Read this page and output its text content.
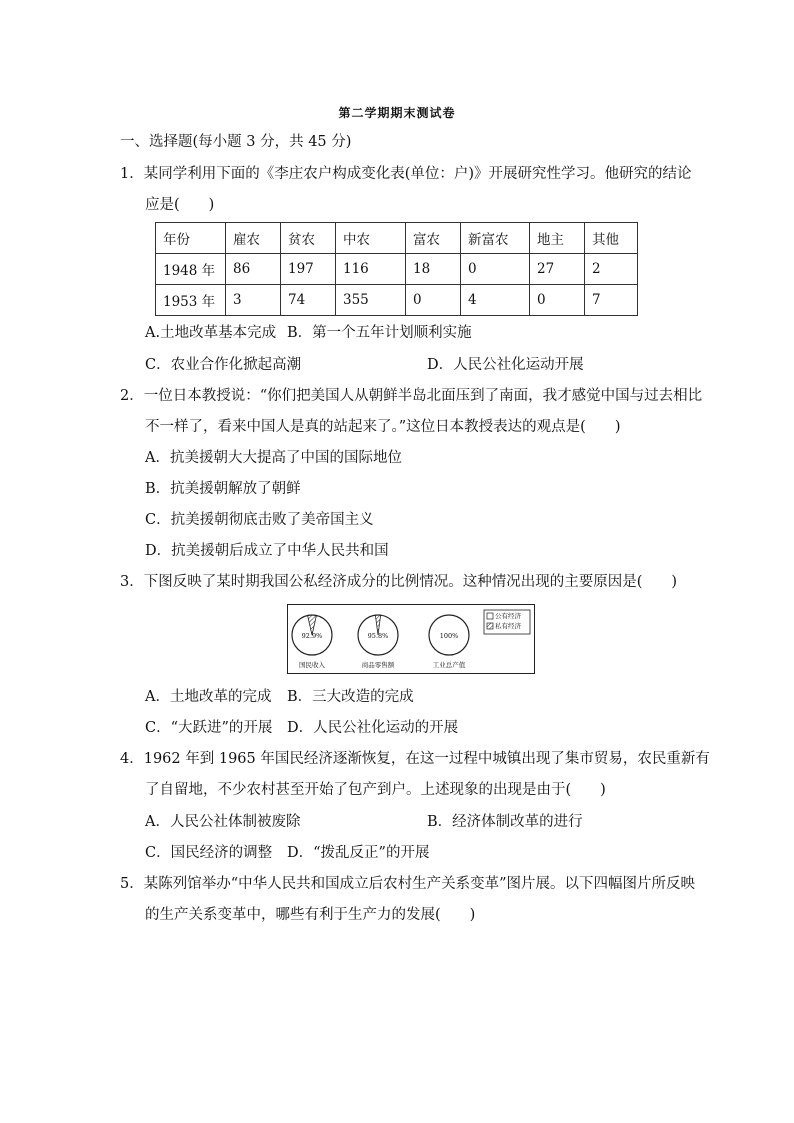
第二学期期末测试卷
一、选择题(每小题 3 分，共 45 分)
1．某同学利用下面的《李庄农户构成变化表(单位：户)》开展研究性学习。他研究的结论
应是(　　)
年份	雇农	贫农	中农	富农	新富农	地主	其他
1948 年	86	197	116	18	0	27	2
1953 年	3	74	355	0	4	0	7
A.土地改革基本完成 B．第一个五年计划顺利实施
C．农业合作化掀起高潮	D．人民公社化运动开展
2．一位日本教授说：“你们把美国人从朝鲜半岛北面压到了南面，我才感觉中国与过去相比
不一样了，看来中国人是真的站起来了。”这位日本教授表达的观点是(　　)
A．抗美援朝大大提高了中国的国际地位
B．抗美援朝解放了朝鲜
C．抗美援朝彻底击败了美帝国主义
D．抗美援朝后成立了中华人民共和国
3．下图反映了某时期我国公私经济成分的比例情况。这种情况出现的主要原因是(　　)
92.9%
国民收入
95.8%
商品零售额
100%
工业总产值
公有经济
私有经济
A．土地改革的完成 B．三大改造的完成
C．“大跃进”的开展 D．人民公社化运动的开展
4．1962 年到 1965 年国民经济逐渐恢复，在这一过程中城镇出现了集市贸易，农民重新有
了自留地，不少农村甚至开始了包产到户。上述现象的出现是由于(　　)
A．人民公社体制被废除	B．经济体制改革的进行
C．国民经济的调整 D．“拨乱反正”的开展
5．某陈列馆举办“中华人民共和国成立后农村生产关系变革”图片展。以下四幅图片所反映
的生产关系变革中，哪些有利于生产力的发展(　　)
